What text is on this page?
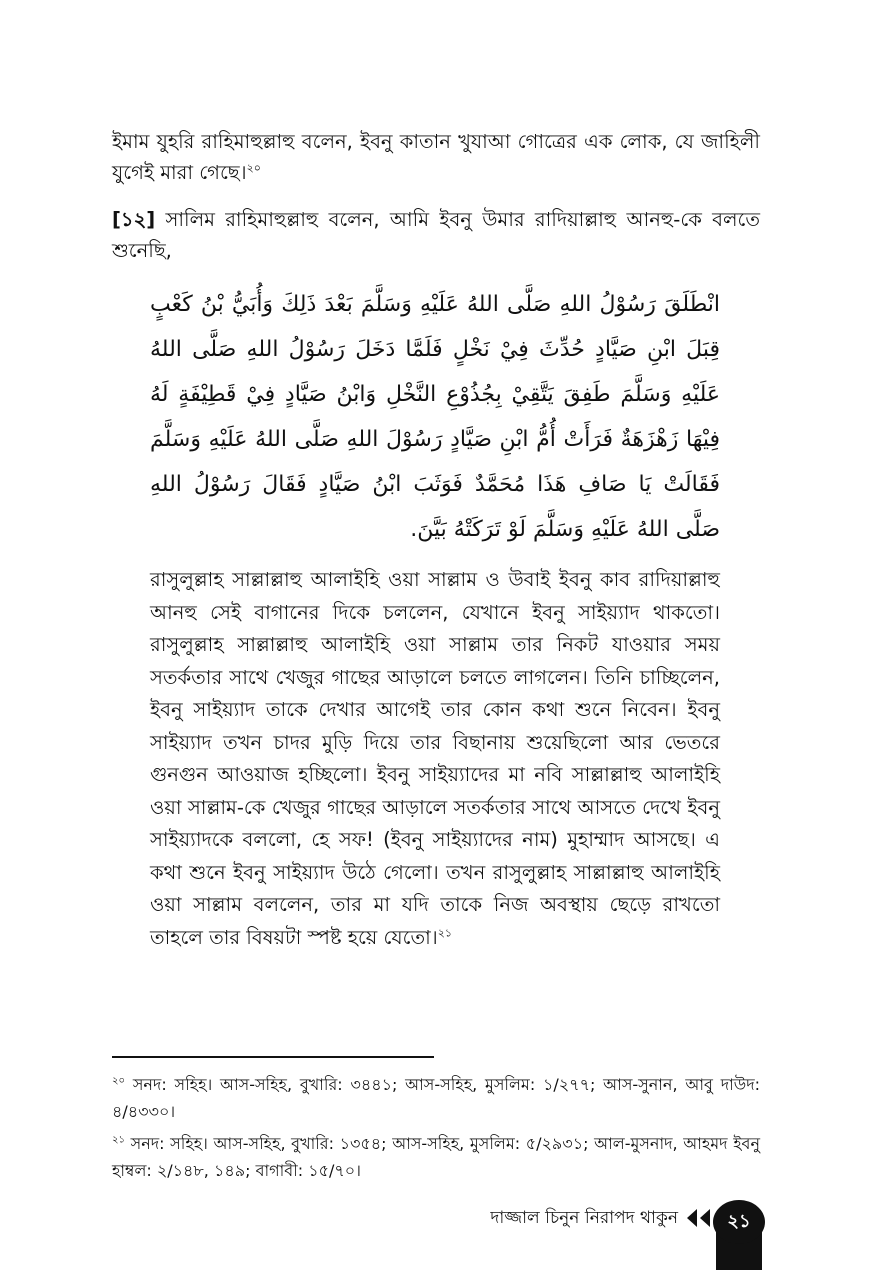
ইমাম যুহরি রাহিমাহুল্লাহু বলেন, ইবনু কাতান খুযাআ গোত্রের এক লোক, যে জাহিলী যুগেই মারা গেছে।$^{২০}$

[১২] সালিম রাহিমাহুল্লাহু বলেন, আমি ইবনু উমার রাদিয়াল্লাহু আনহু-কে বলতে শুনেছি,

انْطَلَقَ رَسُوْلُ اللهِ صَلَّى اللهُ عَلَيْهِ وَسَلَّمَ بَعْدَ ذَلِكَ وَأُبَيُّ بْنُ كَعْبٍ قِبَلَ ابْنِ صَيَّادٍ حُدِّثَ فِيْ نَخْلٍ فَلَمَّا دَخَلَ رَسُوْلُ اللهِ صَلَّى اللهُ عَلَيْهِ وَسَلَّمَ طَفِقَ يَتَّقِيْ بِجُذُوْعِ النَّخْلِ وَابْنُ صَيَّادٍ فِيْ قَطِيْفَةٍ لَهُ فِيْهَا زَهْزَهَةٌ فَرَأَتْ أُمُّ ابْنِ صَيَّادٍ رَسُوْلَ اللهِ صَلَّى اللهُ عَلَيْهِ وَسَلَّمَ فَقَالَتْ يَا صَافِ هَذَا مُحَمَّدٌ فَوَثَبَ ابْنُ صَيَّادٍ فَقَالَ رَسُوْلُ اللهِ صَلَّى اللهُ عَلَيْهِ وَسَلَّمَ لَوْ تَرَكَتْهُ بَيَّنَ.

রাসুলুল্লাহ সাল্লাল্লাহু আলাইহি ওয়া সাল্লাম ও উবাই ইবনু কাব রাদিয়াল্লাহু আনহু সেই বাগানের দিকে চললেন, যেখানে ইবনু সাইয়্যাদ থাকতো। রাসুলুল্লাহ সাল্লাল্লাহু আলাইহি ওয়া সাল্লাম তার নিকট যাওয়ার সময় সতর্কতার সাথে খেজুর গাছের আড়ালে চলতে লাগলেন। তিনি চাচ্ছিলেন, ইবনু সাইয়্যাদ তাকে দেখার আগেই তার কোন কথা শুনে নিবেন। ইবনু সাইয়্যাদ তখন চাদর মুড়ি দিয়ে তার বিছানায় শুয়েছিলো আর ভেতরে গুনগুন আওয়াজ হচ্ছিলো। ইবনু সাইয়্যাদের মা নবি সাল্লাল্লাহু আলাইহি ওয়া সাল্লাম-কে খেজুর গাছের আড়ালে সতর্কতার সাথে আসতে দেখে ইবনু সাইয়্যাদকে বললো, হে সফ! (ইবনু সাইয়্যাদের নাম) মুহাম্মাদ আসছে। এ কথা শুনে ইবনু সাইয়্যাদ উঠে গেলো। তখন রাসুলুল্লাহ সাল্লাল্লাহু আলাইহি ওয়া সাল্লাম বললেন, তার মা যদি তাকে নিজ অবস্থায় ছেড়ে রাখতো তাহলে তার বিষয়টা স্পষ্ট হয়ে যেতো।$^{২১}$

$^{২০}$ সনদ: সহিহ। আস-সহিহ, বুখারি: ৩৪৪১; আস-সহিহ, মুসলিম: ১/২৭৭; আস-সুনান, আবু দাউদ: ৪/৪৩৩০।

$^{২১}$ সনদ: সহিহ। আস-সহিহ, বুখারি: ১৩৫৪; আস-সহিহ, মুসলিম: ৫/২৯৩১; আল-মুসনাদ, আহমদ ইবনু হাম্বল: ২/১৪৮, ১৪৯; বাগাবী: ১৫/৭০।

দাজ্জাল চিনুন নিরাপদ থাকুন	২১
